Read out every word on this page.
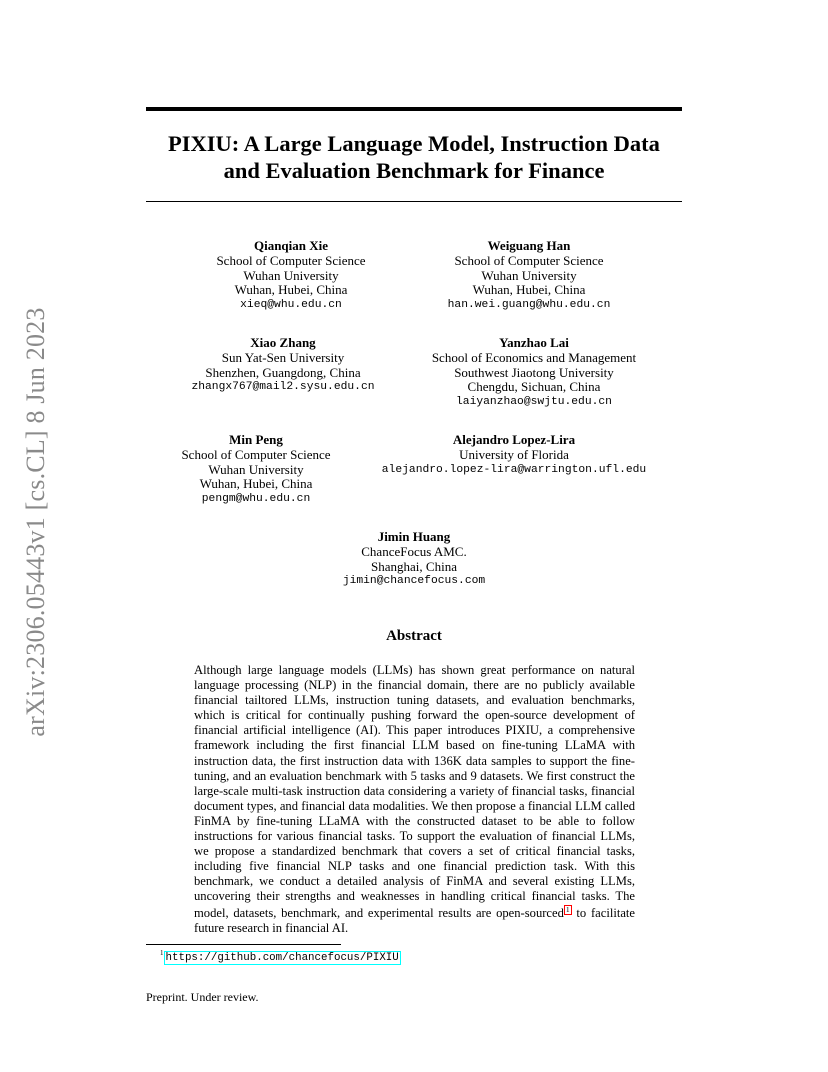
arXiv:2306.05443v1 [cs.CL] 8 Jun 2023
PIXIU: A Large Language Model, Instruction Data
and Evaluation Benchmark for Finance
Qianqian Xie
School of Computer Science
Wuhan University
Wuhan, Hubei, China
xieq@whu.edu.cn
Weiguang Han
School of Computer Science
Wuhan University
Wuhan, Hubei, China
han.wei.guang@whu.edu.cn
Xiao Zhang
Sun Yat-Sen University
Shenzhen, Guangdong, China
zhangx767@mail2.sysu.edu.cn
Yanzhao Lai
School of Economics and Management
Southwest Jiaotong University
Chengdu, Sichuan, China
laiyanzhao@swjtu.edu.cn
Min Peng
School of Computer Science
Wuhan University
Wuhan, Hubei, China
pengm@whu.edu.cn
Alejandro Lopez-Lira
University of Florida
alejandro.lopez-lira@warrington.ufl.edu
Jimin Huang
ChanceFocus AMC.
Shanghai, China
jimin@chancefocus.com
Abstract
Although large language models (LLMs) has shown great performance on natural language processing (NLP) in the financial domain, there are no publicly available financial tailtored LLMs, instruction tuning datasets, and evaluation benchmarks, which is critical for continually pushing forward the open-source development of financial artificial intelligence (AI). This paper introduces PIXIU, a comprehensive framework including the first financial LLM based on fine-tuning LLaMA with instruction data, the first instruction data with 136K data samples to support the fine-tuning, and an evaluation benchmark with 5 tasks and 9 datasets. We first construct the large-scale multi-task instruction data considering a variety of financial tasks, financial document types, and financial data modalities. We then propose a financial LLM called FinMA by fine-tuning LLaMA with the constructed dataset to be able to follow instructions for various financial tasks. To support the evaluation of financial LLMs, we propose a standardized benchmark that covers a set of critical financial tasks, including five financial NLP tasks and one financial prediction task. With this benchmark, we conduct a detailed analysis of FinMA and several existing LLMs, uncovering their strengths and weaknesses in handling critical financial tasks. The model, datasets, benchmark, and experimental results are open-sourced 1 to facilitate future research in financial AI.
$^1$ https://github.com/chancefocus/PIXIU
Preprint. Under review.
